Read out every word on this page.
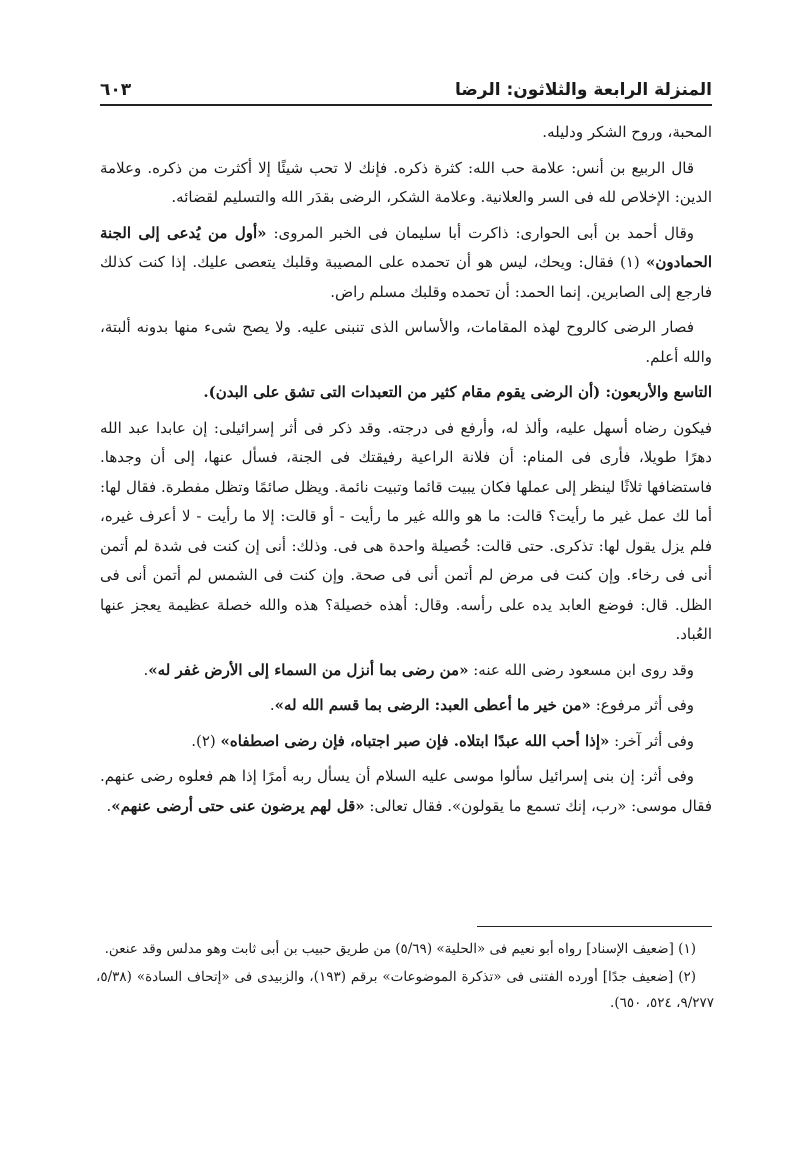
المنزلة الرابعة والثلاثون: الرضا
٦٠٣

المحبة، وروح الشكر ودليله.

قال الربيع بن أنس: علامة حب الله: كثرة ذكره. فإنك لا تحب شيئًا إلا أكثرت من ذكره. وعلامة الدين: الإخلاص لله فى السر والعلانية. وعلامة الشكر، الرضى بقدَر الله والتسليم لقضائه.

وقال أحمد بن أبى الحوارى: ذاكرت أبا سليمان فى الخبر المروى: «أول من يُدعى إلى الجنة الحمادون» (١) فقال: ويحك، ليس هو أن تحمده على المصيبة وقلبك يتعصى عليك. إذا كنت كذلك فارجع إلى الصابرين. إنما الحمد: أن تحمده وقلبك مسلم راض.

فصار الرضى كالروح لهذه المقامات، والأساس الذى تنبنى عليه. ولا يصح شىء منها بدونه ألبتة، والله أعلم.

التاسع والأربعون: (أن الرضى يقوم مقام كثير من التعبدات التى تشق على البدن).

فيكون رضاه أسهل عليه، وألذ له، وأرفع فى درجته. وقد ذكر فى أثر إسرائيلى: إن عابدا عبد الله دهرًا طويلا، فأرى فى المنام: أن فلانة الراعية رفيقتك فى الجنة، فسأل عنها، إلى أن وجدها. فاستضافها ثلاثًا لينظر إلى عملها فكان يبيت قائما وتبيت نائمة. ويظل صائمًا وتظل مفطرة. فقال لها: أما لك عمل غير ما رأيت؟ قالت: ما هو والله غير ما رأيت - أو قالت: إلا ما رأيت - لا أعرف غيره، فلم يزل يقول لها: تذكرى. حتى قالت: خُصيلة واحدة هى فى. وذلك: أنى إن كنت فى شدة لم أتمن أنى فى رخاء. وإن كنت فى مرض لم أتمن أنى فى صحة. وإن كنت فى الشمس لم أتمن أنى فى الظل. قال: فوضع العابد يده على رأسه. وقال: أهذه خصيلة؟ هذه والله خصلة عظيمة يعجز عنها العُباد.

وقد روى ابن مسعود رضى الله عنه: «من رضى بما أنزل من السماء إلى الأرض غفر له».

وفى أثر مرفوع: «من خير ما أعطى العبد: الرضى بما قسم الله له».

وفى أثر آخر: «إذا أحب الله عبدًا ابتلاه. فإن صبر اجتباه، فإن رضى اصطفاه» (٢).

وفى أثر: إن بنى إسرائيل سألوا موسى عليه السلام أن يسأل ربه أمرًا إذا هم فعلوه رضى عنهم. فقال موسى: «رب، إنك تسمع ما يقولون». فقال تعالى: «قل لهم يرضون عنى حتى أرضى عنهم».

(١) [ضعيف الإسناد] رواه أبو نعيم فى «الحلية» (٥/٦٩) من طريق حبيب بن أبى ثابت وهو مدلس وقد عنعن.

(٢) [ضعيف جدًا] أورده الفتنى فى «تذكرة الموضوعات» برقم (١٩٣)، والزبيدى فى «إتحاف السادة» (٥/٣٨، ٩/٢٧٧، ٥٢٤، ٦٥٠).
